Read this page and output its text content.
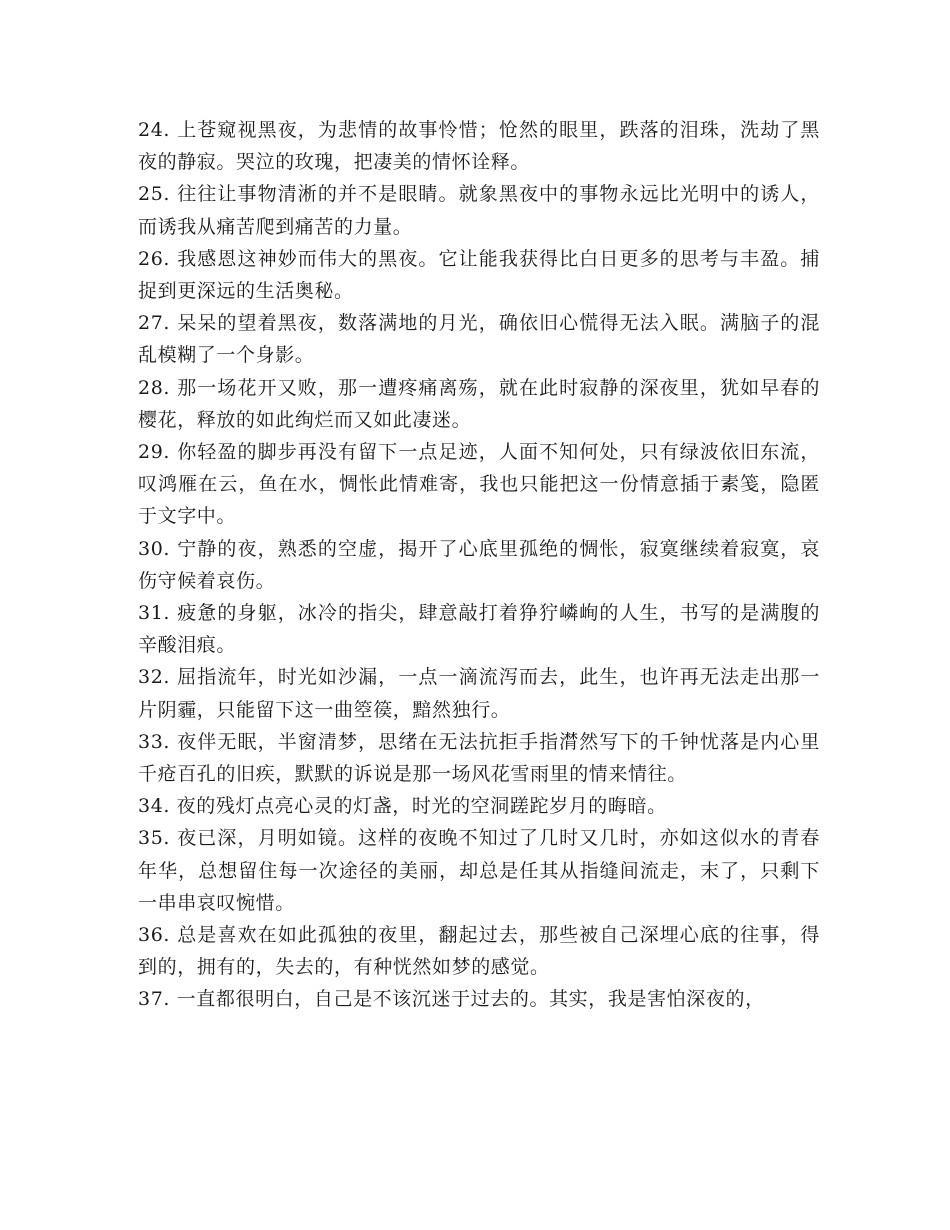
24. 上苍窥视黑夜，为悲情的故事怜惜；怆然的眼里，跌落的泪珠，洗劫了黑夜的静寂。哭泣的玫瑰，把凄美的情怀诠释。

25. 往往让事物清淅的并不是眼睛。就象黑夜中的事物永远比光明中的诱人，而诱我从痛苦爬到痛苦的力量。

26. 我感恩这神妙而伟大的黑夜。它让能我获得比白日更多的思考与丰盈。捕捉到更深远的生活奥秘。

27. 呆呆的望着黑夜，数落满地的月光，确依旧心慌得无法入眠。满脑子的混乱模糊了一个身影。

28. 那一场花开又败，那一遭疼痛离殇，就在此时寂静的深夜里，犹如早春的樱花，释放的如此绚烂而又如此凄迷。

29. 你轻盈的脚步再没有留下一点足迹，人面不知何处，只有绿波依旧东流，叹鸿雁在云，鱼在水，惆怅此情难寄，我也只能把这一份情意插于素笺，隐匿于文字中。

30. 宁静的夜，熟悉的空虚，揭开了心底里孤绝的惆怅，寂寞继续着寂寞，哀伤守候着哀伤。

31. 疲惫的身躯，冰冷的指尖，肆意敲打着狰狞嶙峋的人生，书写的是满腹的辛酸泪痕。

32. 屈指流年，时光如沙漏，一点一滴流泻而去，此生，也许再无法走出那一片阴霾，只能留下这一曲箜篌，黯然独行。

33. 夜伴无眠，半窗清梦，思绪在无法抗拒手指潸然写下的千钟忧落是内心里千疮百孔的旧疾，默默的诉说是那一场风花雪雨里的情来情往。

34. 夜的残灯点亮心灵的灯盏，时光的空洞蹉跎岁月的晦暗。

35. 夜已深，月明如镜。这样的夜晚不知过了几时又几时，亦如这似水的青春年华，总想留住每一次途径的美丽，却总是任其从指缝间流走，末了，只剩下一串串哀叹惋惜。

36. 总是喜欢在如此孤独的夜里，翻起过去，那些被自己深埋心底的往事，得到的，拥有的，失去的，有种恍然如梦的感觉。

37. 一直都很明白，自己是不该沉迷于过去的。其实，我是害怕深夜的，
